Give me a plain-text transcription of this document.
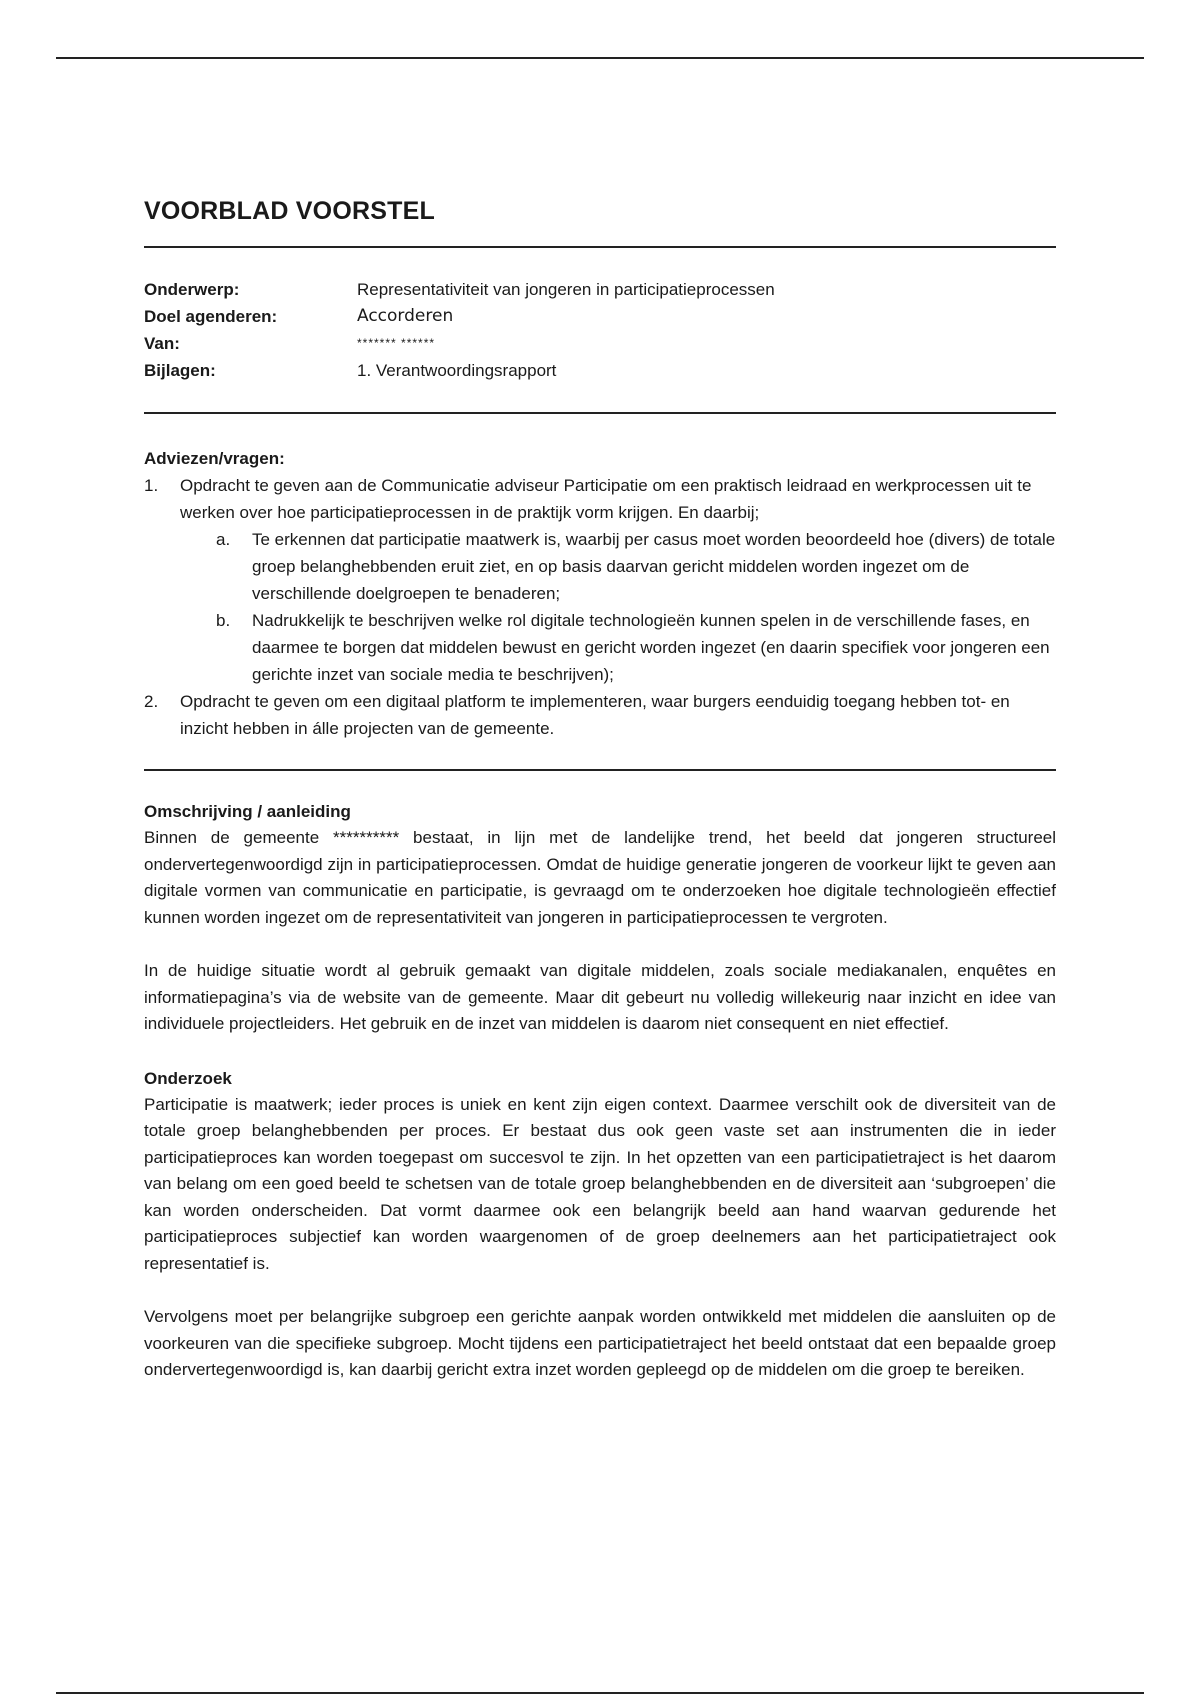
VOORBLAD VOORSTEL
Onderwerp:	Representativiteit van jongeren in participatieprocessen
Doel agenderen:	Accorderen
Van:	******* ******
Bijlagen:	1. Verantwoordingsrapport
Adviezen/vragen:
1.	Opdracht te geven aan de Communicatie adviseur Participatie om een praktisch leidraad en werkprocessen uit te werken over hoe participatieprocessen in de praktijk vorm krijgen. En daarbij;
a.	Te erkennen dat participatie maatwerk is, waarbij per casus moet worden beoordeeld hoe (divers) de totale groep belanghebbenden eruit ziet, en op basis daarvan gericht middelen worden ingezet om de verschillende doelgroepen te benaderen;
b.	Nadrukkelijk te beschrijven welke rol digitale technologieën kunnen spelen in de verschillende fases, en daarmee te borgen dat middelen bewust en gericht worden ingezet (en daarin specifiek voor jongeren een gerichte inzet van sociale media te beschrijven);
2.	Opdracht te geven om een digitaal platform te implementeren, waar burgers eenduidig toegang hebben tot- en inzicht hebben in álle projecten van de gemeente.
Omschrijving / aanleiding

Binnen de gemeente ********** bestaat, in lijn met de landelijke trend, het beeld dat jongeren structureel ondervertegenwoordigd zijn in participatieprocessen. Omdat de huidige generatie jongeren de voorkeur lijkt te geven aan digitale vormen van communicatie en participatie, is gevraagd om te onderzoeken hoe digitale technologieën effectief kunnen worden ingezet om de representativiteit van jongeren in participatieprocessen te vergroten.

In de huidige situatie wordt al gebruik gemaakt van digitale middelen, zoals sociale mediakanalen, enquêtes en informatiepagina’s via de website van de gemeente. Maar dit gebeurt nu volledig willekeurig naar inzicht en idee van individuele projectleiders. Het gebruik en de inzet van middelen is daarom niet consequent en niet effectief.

Onderzoek

Participatie is maatwerk; ieder proces is uniek en kent zijn eigen context. Daarmee verschilt ook de diversiteit van de totale groep belanghebbenden per proces. Er bestaat dus ook geen vaste set aan instrumenten die in ieder participatieproces kan worden toegepast om succesvol te zijn. In het opzetten van een participatietraject is het daarom van belang om een goed beeld te schetsen van de totale groep belanghebbenden en de diversiteit aan ‘subgroepen’ die kan worden onderscheiden. Dat vormt daarmee ook een belangrijk beeld aan hand waarvan gedurende het participatieproces subjectief kan worden waargenomen of de groep deelnemers aan het participatietraject ook representatief is.

Vervolgens moet per belangrijke subgroep een gerichte aanpak worden ontwikkeld met middelen die aansluiten op de voorkeuren van die specifieke subgroep. Mocht tijdens een participatietraject het beeld ontstaat dat een bepaalde groep ondervertegenwoordigd is, kan daarbij gericht extra inzet worden gepleegd op de middelen om die groep te bereiken.
